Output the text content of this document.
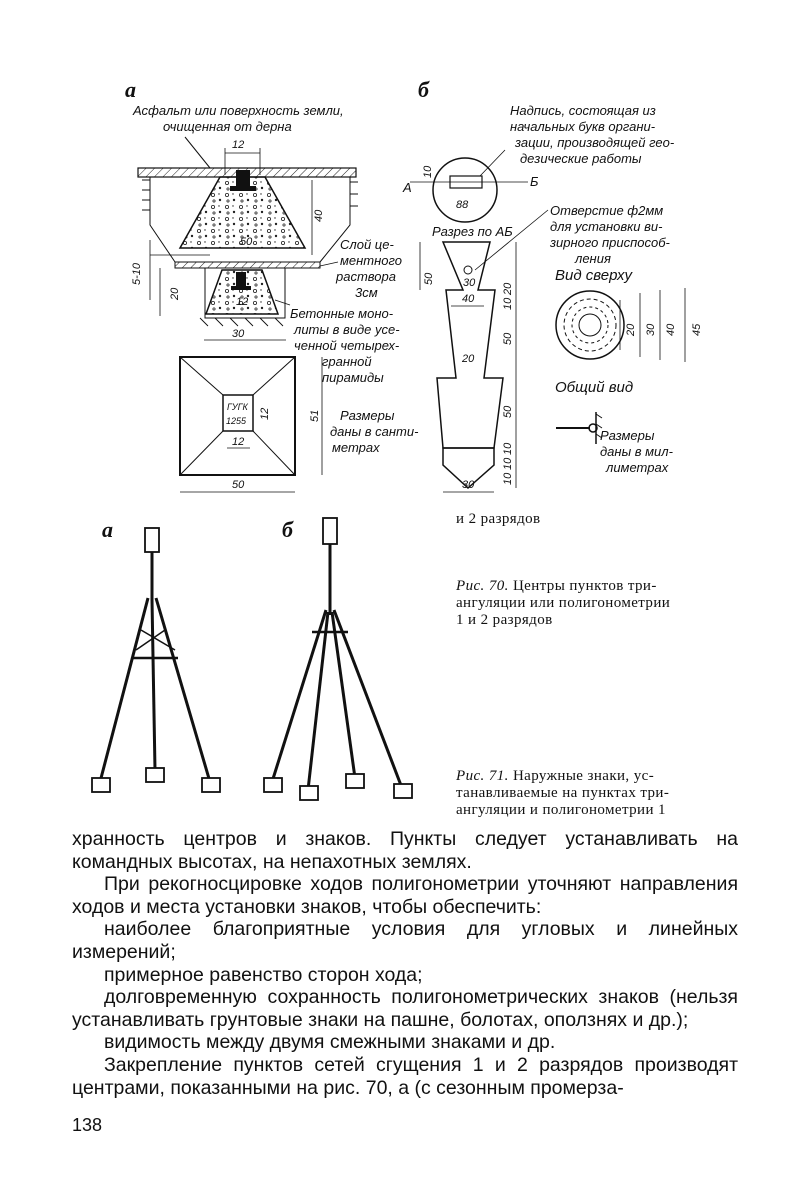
а
Асфальт или поверхность земли,
очищенная от дерна
12
50
40
5-10
12
20
30
Слой це-
ментного
раствора
3см
Бетонные моно-
литы в виде усе-
ченной четырех-
гранной
пирамиды
ГУГК
1255
12
12	51
50
Размеры
даны в санти-
метрах
б
Надпись, состоящая из
начальных букв органи-
зации, производящей гео-
дезические работы
А	Б
10
88	Отверстие ф2мм
для установки ви-
зирного приспособ-
ления
Разрез по АБ
50	30
40
20
20
10
50
50
10
10
10
30
Вид сверху
20 30 40 45
Общий вид
Размеры
даны в мил-
лиметрах
а	б	и 2 разрядов
Рис. 70. Центры пунктов три-
ангуляции или полигонометрии
1 и 2 разрядов
Рис. 71. Наружные знаки, ус-
танавливаемые на пунктах три-
ангуляции и полигонометрии 1

хранность центров и знаков. Пункты следует устанавливать на командных высотах, на непахотных землях.

При рекогносцировке ходов полигонометрии уточняют направления ходов и места установки знаков, чтобы обеспечить:

наиболее благоприятные условия для угловых и линейных измерений;

примерное равенство сторон хода;

долговременную сохранность полигонометрических знаков (нельзя устанавливать грунтовые знаки на пашне, болотах, оползнях и др.);

видимость между двумя смежными знаками и др.

Закрепление пунктов сетей сгущения 1 и 2 разрядов производят центрами, показанными на рис. 70, а (с сезонным промерза-

138
